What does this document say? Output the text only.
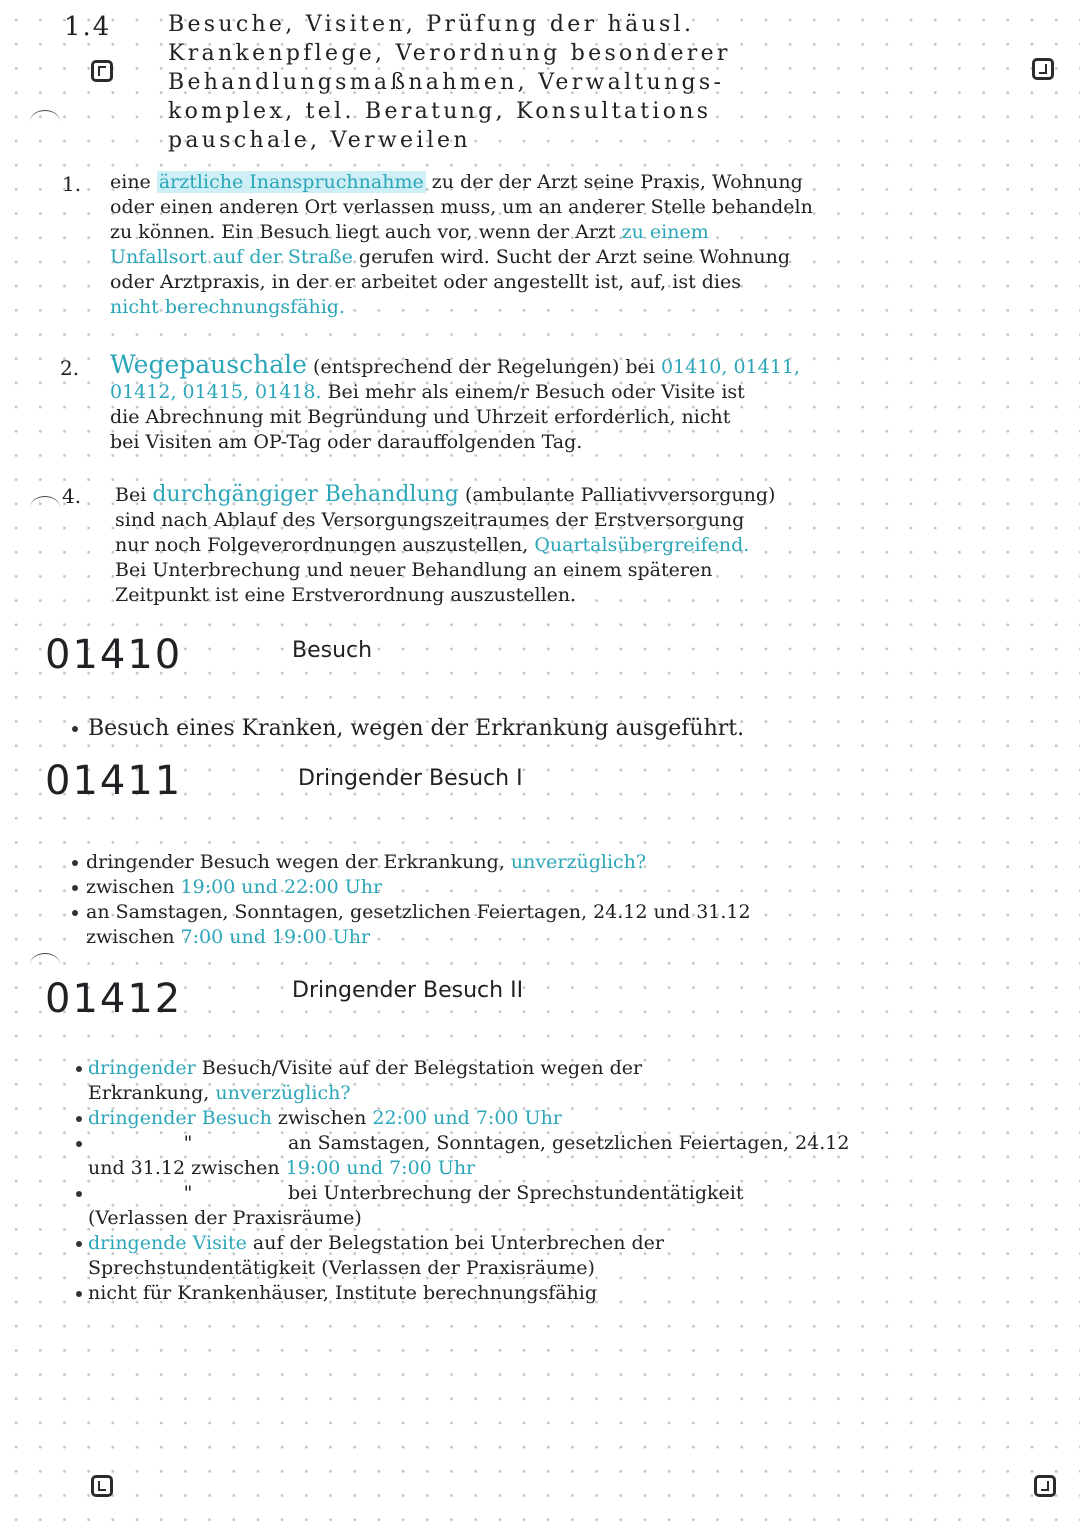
1.4	Besuche, Visiten, Prüfung der häusl.
Krankenpflege, Verordnung besonderer
Behandlungsmaßnahmen, Verwaltungs-
komplex, tel. Beratung, Konsultations
pauschale, Verweilen
1. eine ärztliche Inanspruchnahme zu der der Arzt seine Praxis, Wohnung
oder einen anderen Ort verlassen muss, um an anderer Stelle behandeln
zu können. Ein Besuch liegt auch vor, wenn der Arzt zu einem
Unfallsort auf der Straße gerufen wird. Sucht der Arzt seine Wohnung
oder Arztpraxis, in der er arbeitet oder angestellt ist, auf, ist dies
nicht berechnungsfähig.
2. Wegepauschale (entsprechend der Regelungen) bei 01410, 01411,
01412, 01415, 01418. Bei mehr als einem/r Besuch oder Visite ist
die Abrechnung mit Begründung und Uhrzeit erforderlich, nicht
bei Visiten am OP-Tag oder darauffolgenden Tag.
4. Bei durchgängiger Behandlung (ambulante Palliativversorgung)
sind nach Ablauf des Versorgungszeitraumes der Erstversorgung
nur noch Folgeverordnungen auszustellen, Quartalsübergreifend.
Bei Unterbrechung und neuer Behandlung an einem späteren
Zeitpunkt ist eine Erstverordnung auszustellen.
01410	Besuch
Besuch eines Kranken, wegen der Erkrankung ausgeführt.
01411	Dringender Besuch I
dringender Besuch wegen der Erkrankung, unverzüglich?
zwischen 19:00 und 22:00 Uhr
an Samstagen, Sonntagen, gesetzlichen Feiertagen, 24.12 und 31.12
zwischen 7:00 und 19:00 Uhr
01412	Dringender Besuch II
dringender Besuch/Visite auf der Belegstation wegen der
Erkrankung, unverzüglich?
dringender Besuch zwischen 22:00 und 7:00 Uhr
"	an Samstagen, Sonntagen, gesetzlichen Feiertagen, 24.12
und 31.12 zwischen 19:00 und 7:00 Uhr
"	bei Unterbrechung der Sprechstundentätigkeit
(Verlassen der Praxisräume)
dringende Visite auf der Belegstation bei Unterbrechen der
Sprechstundentätigkeit (Verlassen der Praxisräume)
nicht für Krankenhäuser, Institute berechnungsfähig
